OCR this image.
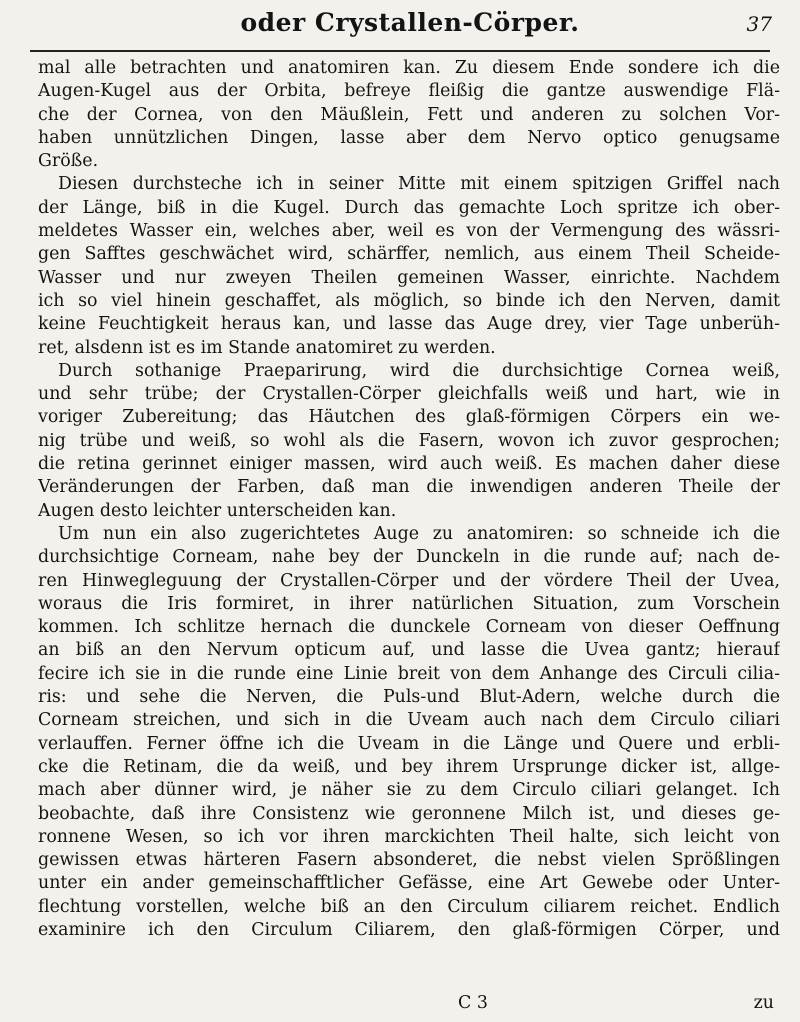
oder Crystallen-Cörper.	37
mal alle betrachten und anatomiren kan. Zu diesem Ende sondere ich die
Augen-Kugel aus der Orbita, befreye fleißig die gantze auswendige Flä-
che der Cornea, von den Mäußlein, Fett und anderen zu solchen Vor-
haben unnützlichen Dingen, lasse aber dem Nervo optico genugsame
Größe.
Diesen durchsteche ich in seiner Mitte mit einem spitzigen Griffel nach
der Länge, biß in die Kugel. Durch das gemachte Loch spritze ich ober-
meldetes Wasser ein, welches aber, weil es von der Vermengung des wässri-
gen Safftes geschwächet wird, schärffer, nemlich, aus einem Theil Scheide-
Wasser und nur zweyen Theilen gemeinen Wasser, einrichte. Nachdem
ich so viel hinein geschaffet, als möglich, so binde ich den Nerven, damit
keine Feuchtigkeit heraus kan, und lasse das Auge drey, vier Tage unberüh-
ret, alsdenn ist es im Stande anatomiret zu werden.
Durch sothanige Praeparirung, wird die durchsichtige Cornea weiß,
und sehr trübe; der Crystallen-Cörper gleichfalls weiß und hart, wie in
voriger Zubereitung; das Häutchen des glaß-förmigen Cörpers ein we-
nig trübe und weiß, so wohl als die Fasern, wovon ich zuvor gesprochen;
die retina gerinnet einiger massen, wird auch weiß. Es machen daher diese
Veränderungen der Farben, daß man die inwendigen anderen Theile der
Augen desto leichter unterscheiden kan.
Um nun ein also zugerichtetes Auge zu anatomiren: so schneide ich die
durchsichtige Corneam, nahe bey der Dunckeln in die runde auf; nach de-
ren Hinwegleguung der Crystallen-Cörper und der vördere Theil der Uvea,
woraus die Iris formiret, in ihrer natürlichen Situation, zum Vorschein
kommen. Ich schlitze hernach die dunckele Corneam von dieser Oeffnung
an biß an den Nervum opticum auf, und lasse die Uvea gantz; hierauf
fecire ich sie in die runde eine Linie breit von dem Anhange des Circuli cilia-
ris: und sehe die Nerven, die Puls-und Blut-Adern, welche durch die
Corneam streichen, und sich in die Uveam auch nach dem Circulo ciliari
verlauffen. Ferner öffne ich die Uveam in die Länge und Quere und erbli-
cke die Retinam, die da weiß, und bey ihrem Ursprunge dicker ist, allge-
mach aber dünner wird, je näher sie zu dem Circulo ciliari gelanget. Ich
beobachte, daß ihre Consistenz wie geronnene Milch ist, und dieses ge-
ronnene Wesen, so ich vor ihren marckichten Theil halte, sich leicht von
gewissen etwas härteren Fasern absonderet, die nebst vielen Sprößlingen
unter ein ander gemeinschafftlicher Gefässe, eine Art Gewebe oder Unter-
flechtung vorstellen, welche biß an den Circulum ciliarem reichet. Endlich
examinire ich den Circulum Ciliarem, den glaß-förmigen Cörper, und
C 3	zu
